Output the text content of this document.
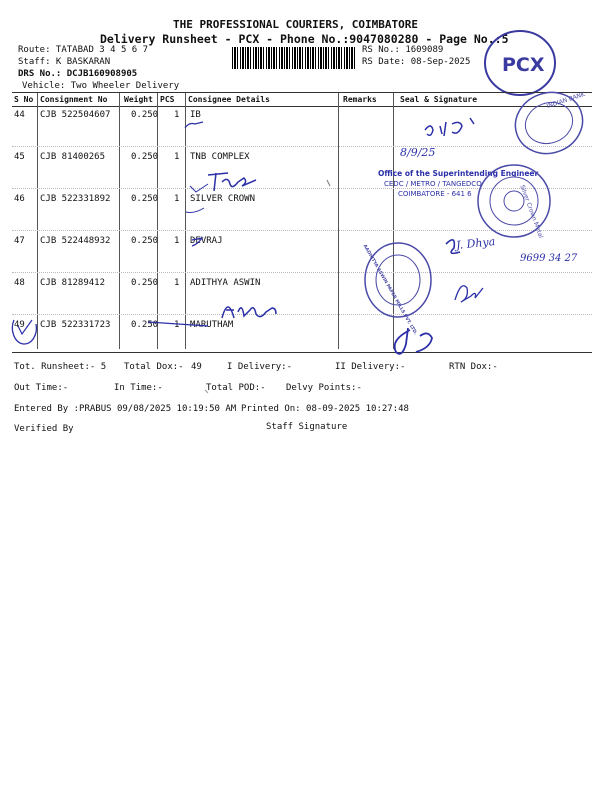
THE PROFESSIONAL COURIERS, COIMBATORE
Delivery Runsheet - PCX - Phone No.:9047080280 - Page No.:5
Route: TATABAD 3 4 5 6 7
Staff: K BASKARAN
DRS No.: DCJB160908905
Vehicle: Two Wheeler Delivery
RS No.: 1609089
RS Date: 08-Sep-2025 PCX
S No Consignment No Weight PCS Consignee Details	Remarks	Seal & Signature
44 CJB 522504607 0.250 1 IB
45 CJB 81400265	0.250 1 TNB COMPLEX
46 CJB 522331892 0.250 1 SILVER CROWN
47 CJB 522448932 0.250 1 DEVRAJ
48 CJB 81289412	0.250 1 ADITHYA ASWIN
49 CJB 522331723 0.250 1 MARUTHAM
Tot. Runsheet:- 5 Total Dox:- 49	I Delivery:-	II Delivery:-	RTN Dox:-
Out Time:-	In Time:-	Total POD:- Delvy Points:-
Entered By :PRABUS 09/08/2025 10:19:50 AM Printed On: 08-09-2025 10:27:48
Verified By	Staff Signature
INDIAN BANK
Office of the Superintending Engineer
CEDC / METRO / TANGEDCO
COIMBATORE - 641 6
8/9/25
Silver Crown Metal
AADHITYA ASWIN PAPER MILLS PVT. LTD.
J. Dhya
9699 34 27
